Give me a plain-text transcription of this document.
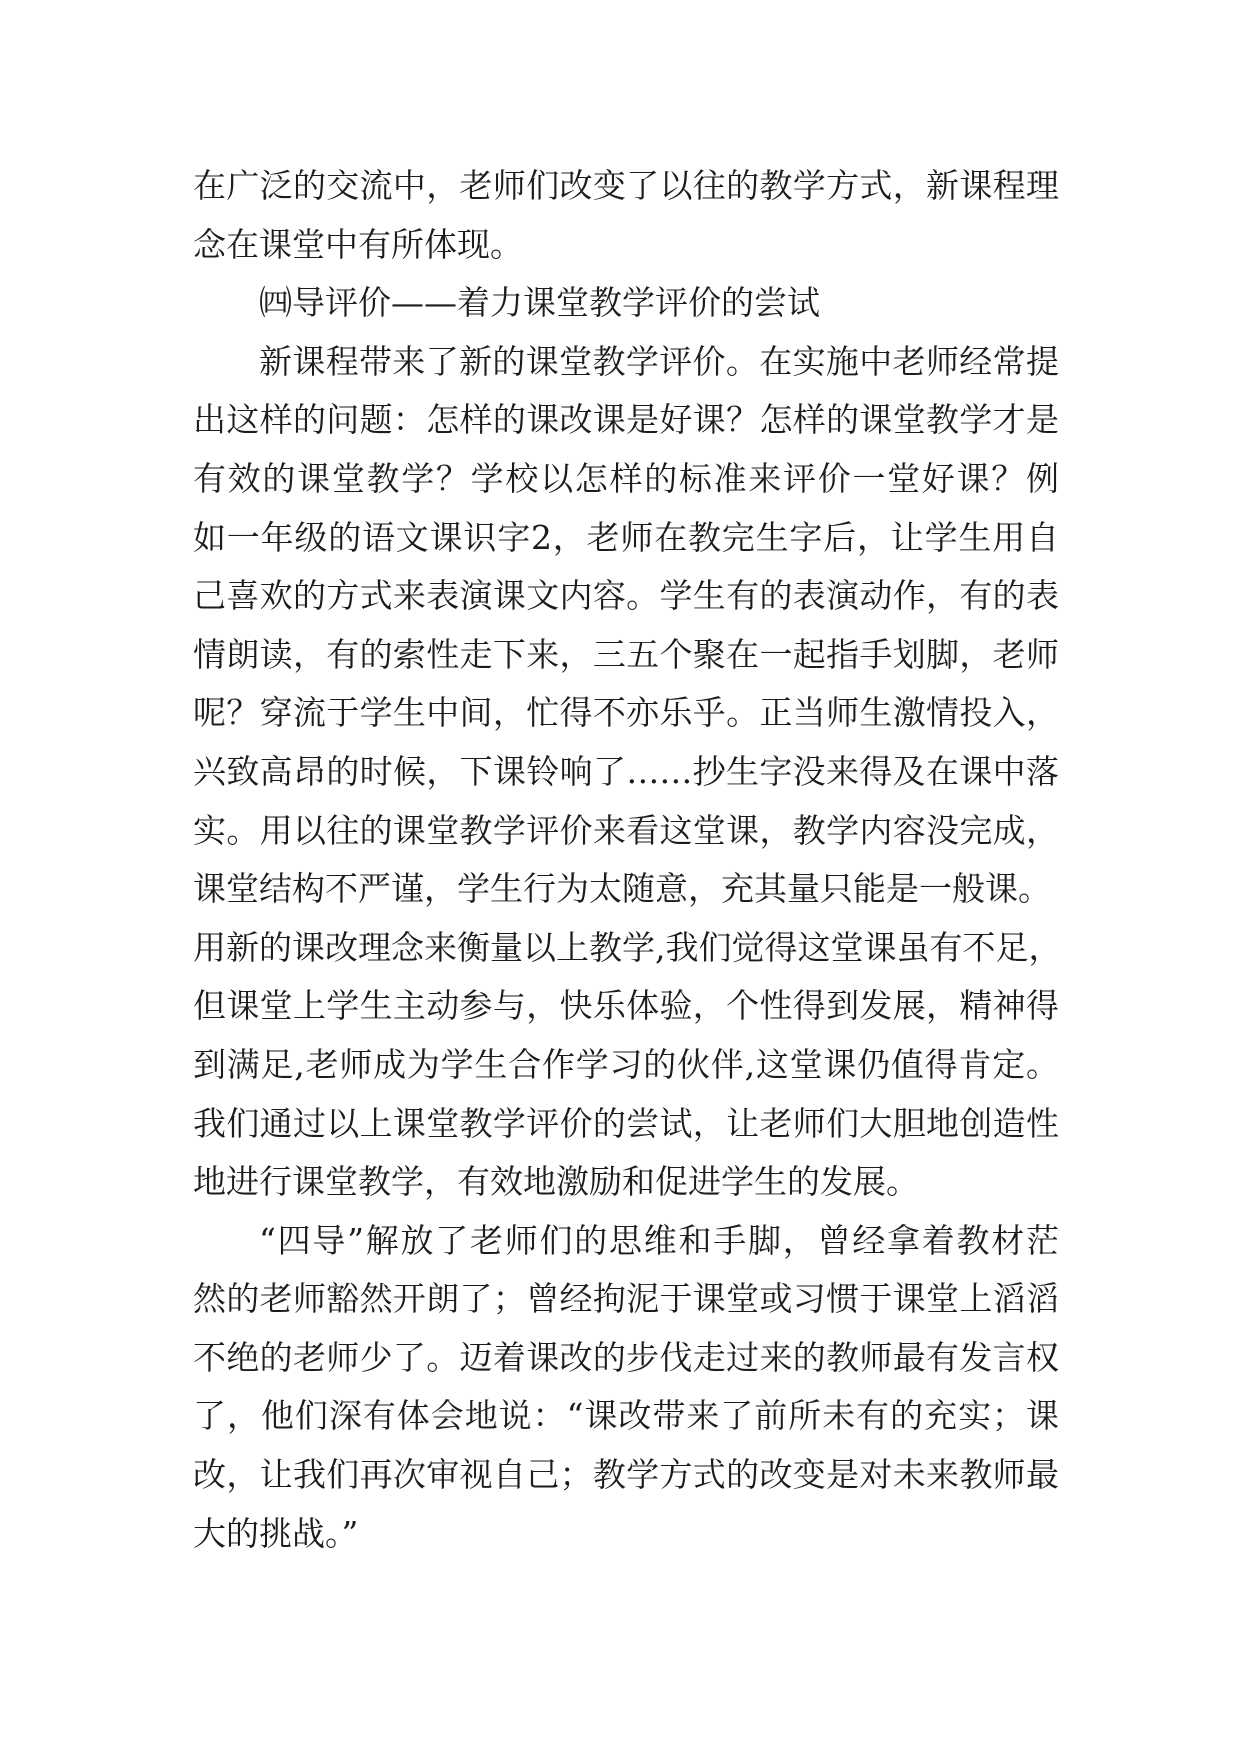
在广泛的交流中，老师们改变了以往的教学方式，新课程理
念在课堂中有所体现。
㈣导评价——着力课堂教学评价的尝试
新课程带来了新的课堂教学评价。在实施中老师经常提
出这样的问题：怎样的课改课是好课？怎样的课堂教学才是
有效的课堂教学？学校以怎样的标准来评价一堂好课？例
如一年级的语文课识字2，老师在教完生字后，让学生用自
己喜欢的方式来表演课文内容。学生有的表演动作，有的表
情朗读，有的索性走下来，三五个聚在一起指手划脚，老师
呢？穿流于学生中间，忙得不亦乐乎。正当师生激情投入，
兴致高昂的时候，下课铃响了……抄生字没来得及在课中落
实。用以往的课堂教学评价来看这堂课，教学内容没完成，
课堂结构不严谨，学生行为太随意，充其量只能是一般课。
用新的课改理念来衡量以上教学,我们觉得这堂课虽有不足，
但课堂上学生主动参与，快乐体验，个性得到发展，精神得
到满足,老师成为学生合作学习的伙伴,这堂课仍值得肯定。
我们通过以上课堂教学评价的尝试，让老师们大胆地创造性
地进行课堂教学，有效地激励和促进学生的发展。
“四导”解放了老师们的思维和手脚，曾经拿着教材茫
然的老师豁然开朗了；曾经拘泥于课堂或习惯于课堂上滔滔
不绝的老师少了。迈着课改的步伐走过来的教师最有发言权
了，他们深有体会地说：“课改带来了前所未有的充实；课
改，让我们再次审视自己；教学方式的改变是对未来教师最
大的挑战。”
